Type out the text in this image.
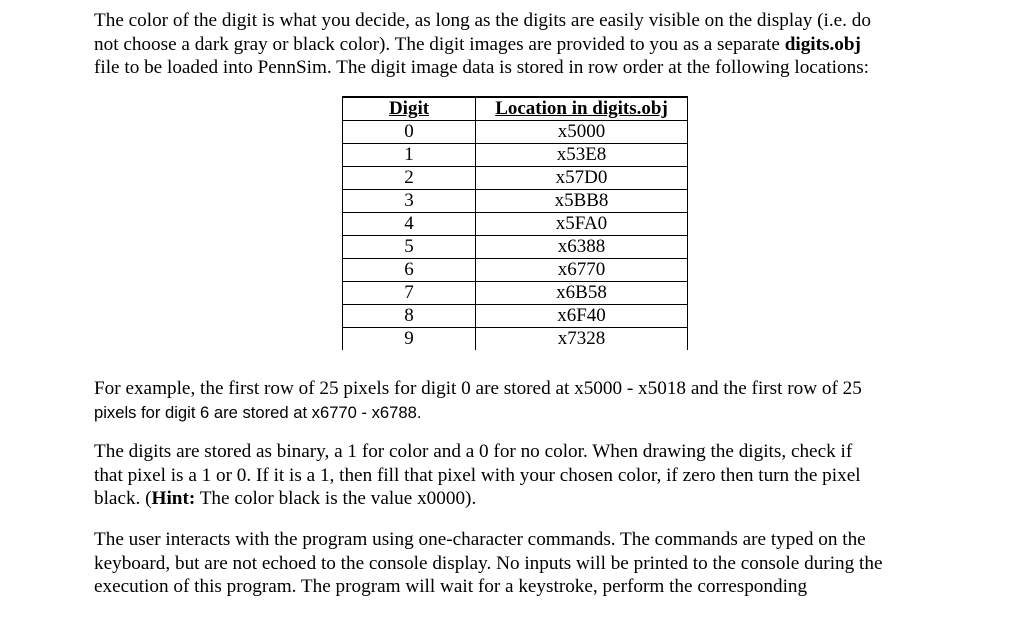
The color of the digit is what you decide, as long as the digits are easily visible on the display (i.e. do
not choose a dark gray or black color). The digit images are provided to you as a separate digits.obj
file to be loaded into PennSim. The digit image data is stored in row order at the following locations:

Digit	Location in digits.obj
0	x5000
1	x53E8
2	x57D0
3	x5BB8
4	x5FA0
5	x6388
6	x6770
7	x6B58
8	x6F40
9	x7328

For example, the first row of 25 pixels for digit 0 are stored at x5000 - x5018 and the first row of 25
pixels for digit 6 are stored at x6770 - x6788.

The digits are stored as binary, a 1 for color and a 0 for no color. When drawing the digits, check if
that pixel is a 1 or 0. If it is a 1, then fill that pixel with your chosen color, if zero then turn the pixel
black. (Hint: The color black is the value x0000).

The user interacts with the program using one-character commands. The commands are typed on the
keyboard, but are not echoed to the console display. No inputs will be printed to the console during the
execution of this program. The program will wait for a keystroke, perform the corresponding
